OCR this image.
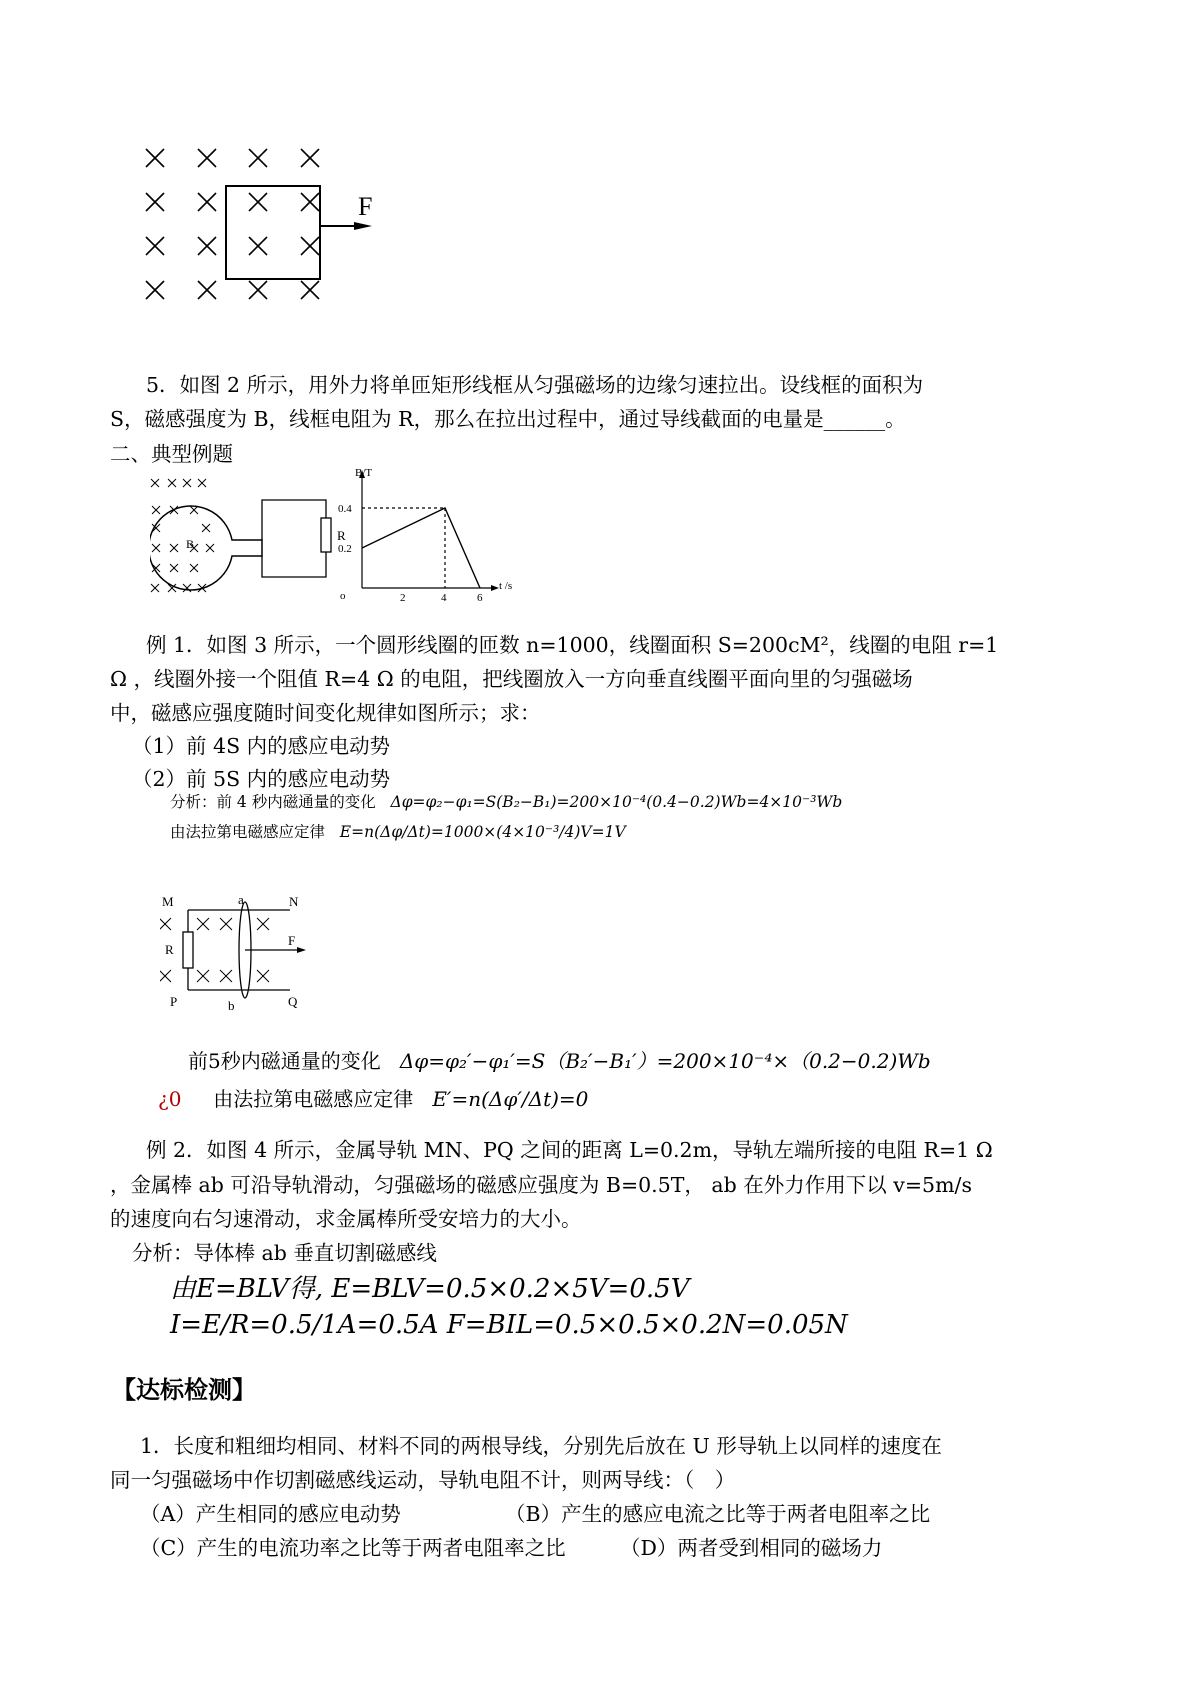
F
5．如图 2 所示，用外力将单匝矩形线框从匀强磁场的边缘匀速拉出。设线框的面积为
S，磁感强度为 B，线框电阻为 R，那么在拉出过程中，通过导线截面的电量是______。
二、典型例题
B
R
B/T
0.4
0.2
o	2	4	6
t /s
例 1．如图 3 所示，一个圆形线圈的匝数 n=1000，线圈面积 S=200cM²，线圈的电阻 r=1
Ω ，线圈外接一个阻值 R=4 Ω 的电阻，把线圈放入一方向垂直线圈平面向里的匀强磁场
中，磁感应强度随时间变化规律如图所示；求：
（1）前 4S 内的感应电动势
（2）前 5S 内的感应电动势
分析：前 4 秒内磁通量的变化 Δφ=φ₂−φ₁=S(B₂−B₁)=200×10⁻⁴(0.4−0.2)Wb=4×10⁻³Wb
由法拉第电磁感应定律 E=n(Δφ/Δt)=1000×(4×10⁻³/4)V=1V
M	a	N
R
F
P	b	Q
前5秒内磁通量的变化 Δφ=φ₂′−φ₁′=S（B₂′−B₁′）=200×10⁻⁴×（0.2−0.2)Wb
¿0 由法拉第电磁感应定律 E′=n(Δφ′/Δt)=0
例 2．如图 4 所示，金属导轨 MN、PQ 之间的距离 L=0.2m，导轨左端所接的电阻 R=1 Ω
，金属棒 ab 可沿导轨滑动，匀强磁场的磁感应强度为 B=0.5T， ab 在外力作用下以 v=5m/s
的速度向右匀速滑动，求金属棒所受安培力的大小。
分析：导体棒 ab 垂直切割磁感线
由E=BLV得, E=BLV=0.5×0.2×5V=0.5V
I=E/R=0.5/1A=0.5A F=BIL=0.5×0.5×0.2N=0.05N
【达标检测】
1．长度和粗细均相同、材料不同的两根导线，分别先后放在 U 形导轨上以同样的速度在
同一匀强磁场中作切割磁感线运动，导轨电阻不计，则两导线：（　）
（A）产生相同的感应电动势	（B）产生的感应电流之比等于两者电阻率之比
（C）产生的电流功率之比等于两者电阻率之比	（D）两者受到相同的磁场力
